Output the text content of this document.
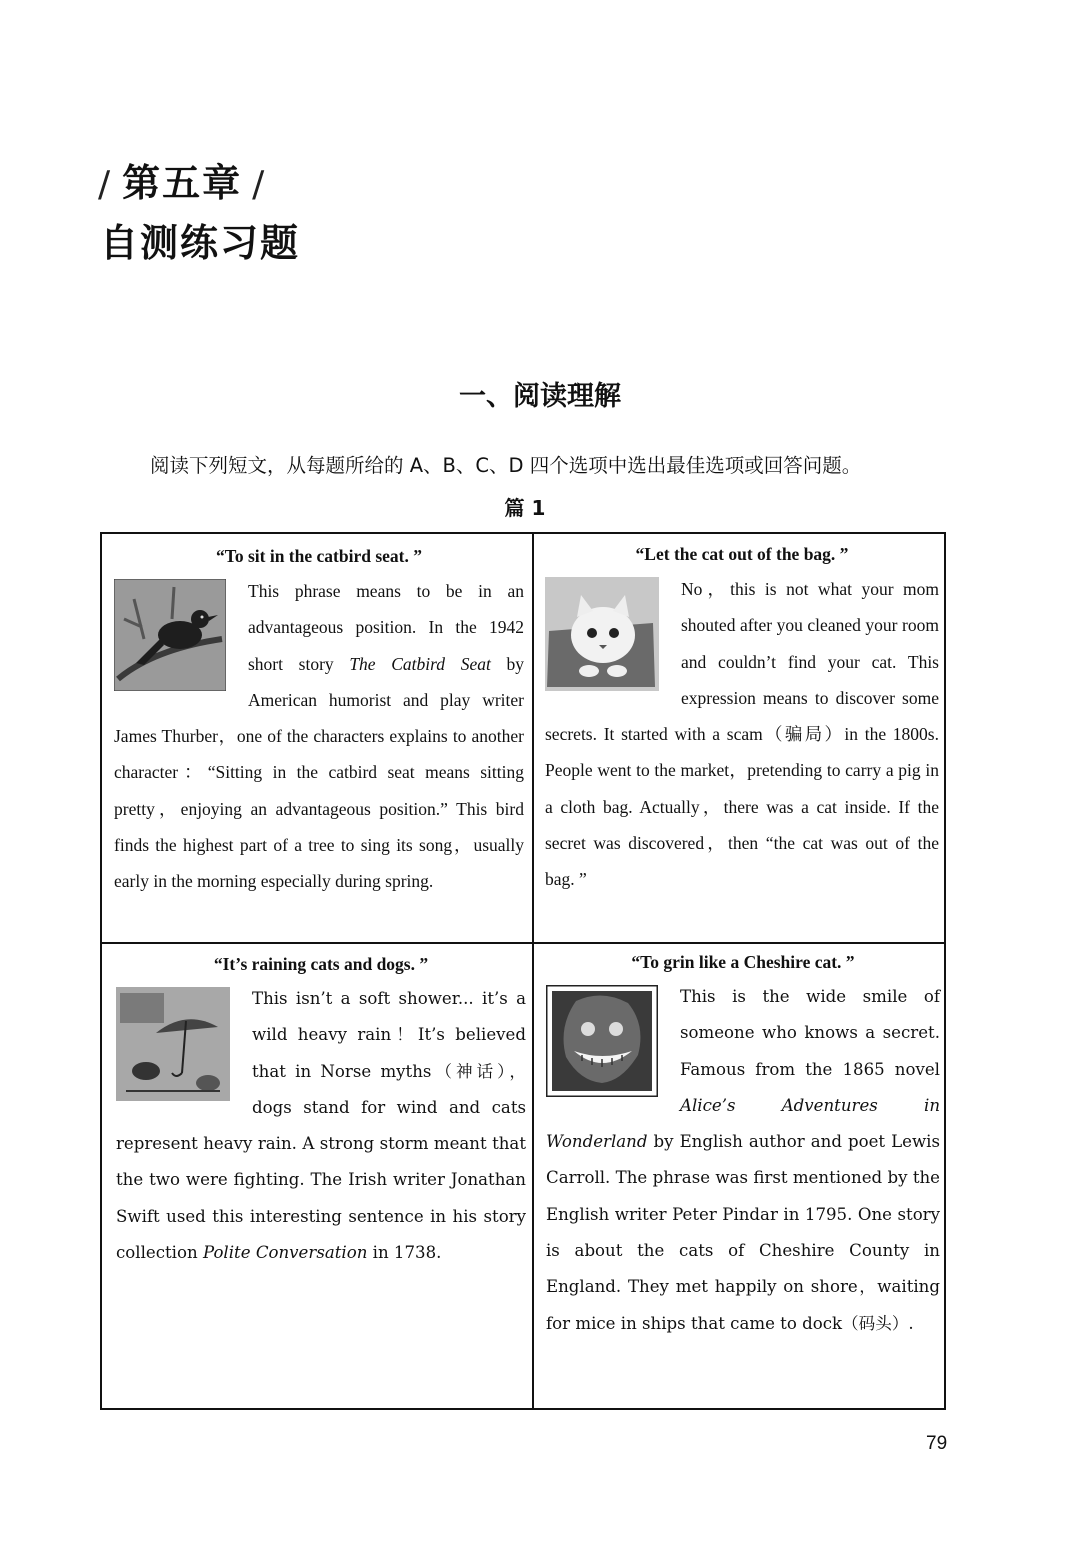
/ 第五章 /
自测练习题
一、阅读理解
阅读下列短文，从每题所给的 A、B、C、D 四个选项中选出最佳选项或回答问题。
篇 1
“To sit in the catbird seat. ”
This phrase means to be in an advantageous position. In the 1942 short story The Catbird Seat by American humorist and play writer James Thurber，one of the characters explains to another character：“Sitting in the catbird seat means sitting pretty，enjoying an advantageous position.” This bird finds the highest part of a tree to sing its song，usually early in the morning especially during spring.
“Let the cat out of the bag. ”
No，this is not what your mom shouted after you cleaned your room and couldn’t find your cat. This expression means to discover some secrets. It started with a scam（骗局）in the 1800s. People went to the market，pretending to carry a pig in a cloth bag. Actually，there was a cat inside. If the secret was discovered，then “the cat was out of the bag. ”
“It’s raining cats and dogs. ”
This isn’t a soft shower... it’s a wild heavy rain！It’s believed that in Norse myths（神话），dogs stand for wind and cats represent heavy rain. A strong storm meant that the two were fighting. The Irish writer Jonathan Swift used this interesting sentence in his story collection Polite Conversation in 1738.
“To grin like a Cheshire cat. ”
This is the wide smile of someone who knows a secret. Famous from the 1865 novel Alice’s Adventures in Wonderland by English author and poet Lewis Carroll. The phrase was first mentioned by the English writer Peter Pindar in 1795. One story is about the cats of Cheshire County in England. They met happily on shore，waiting for mice in ships that came to dock（码头）.
79
